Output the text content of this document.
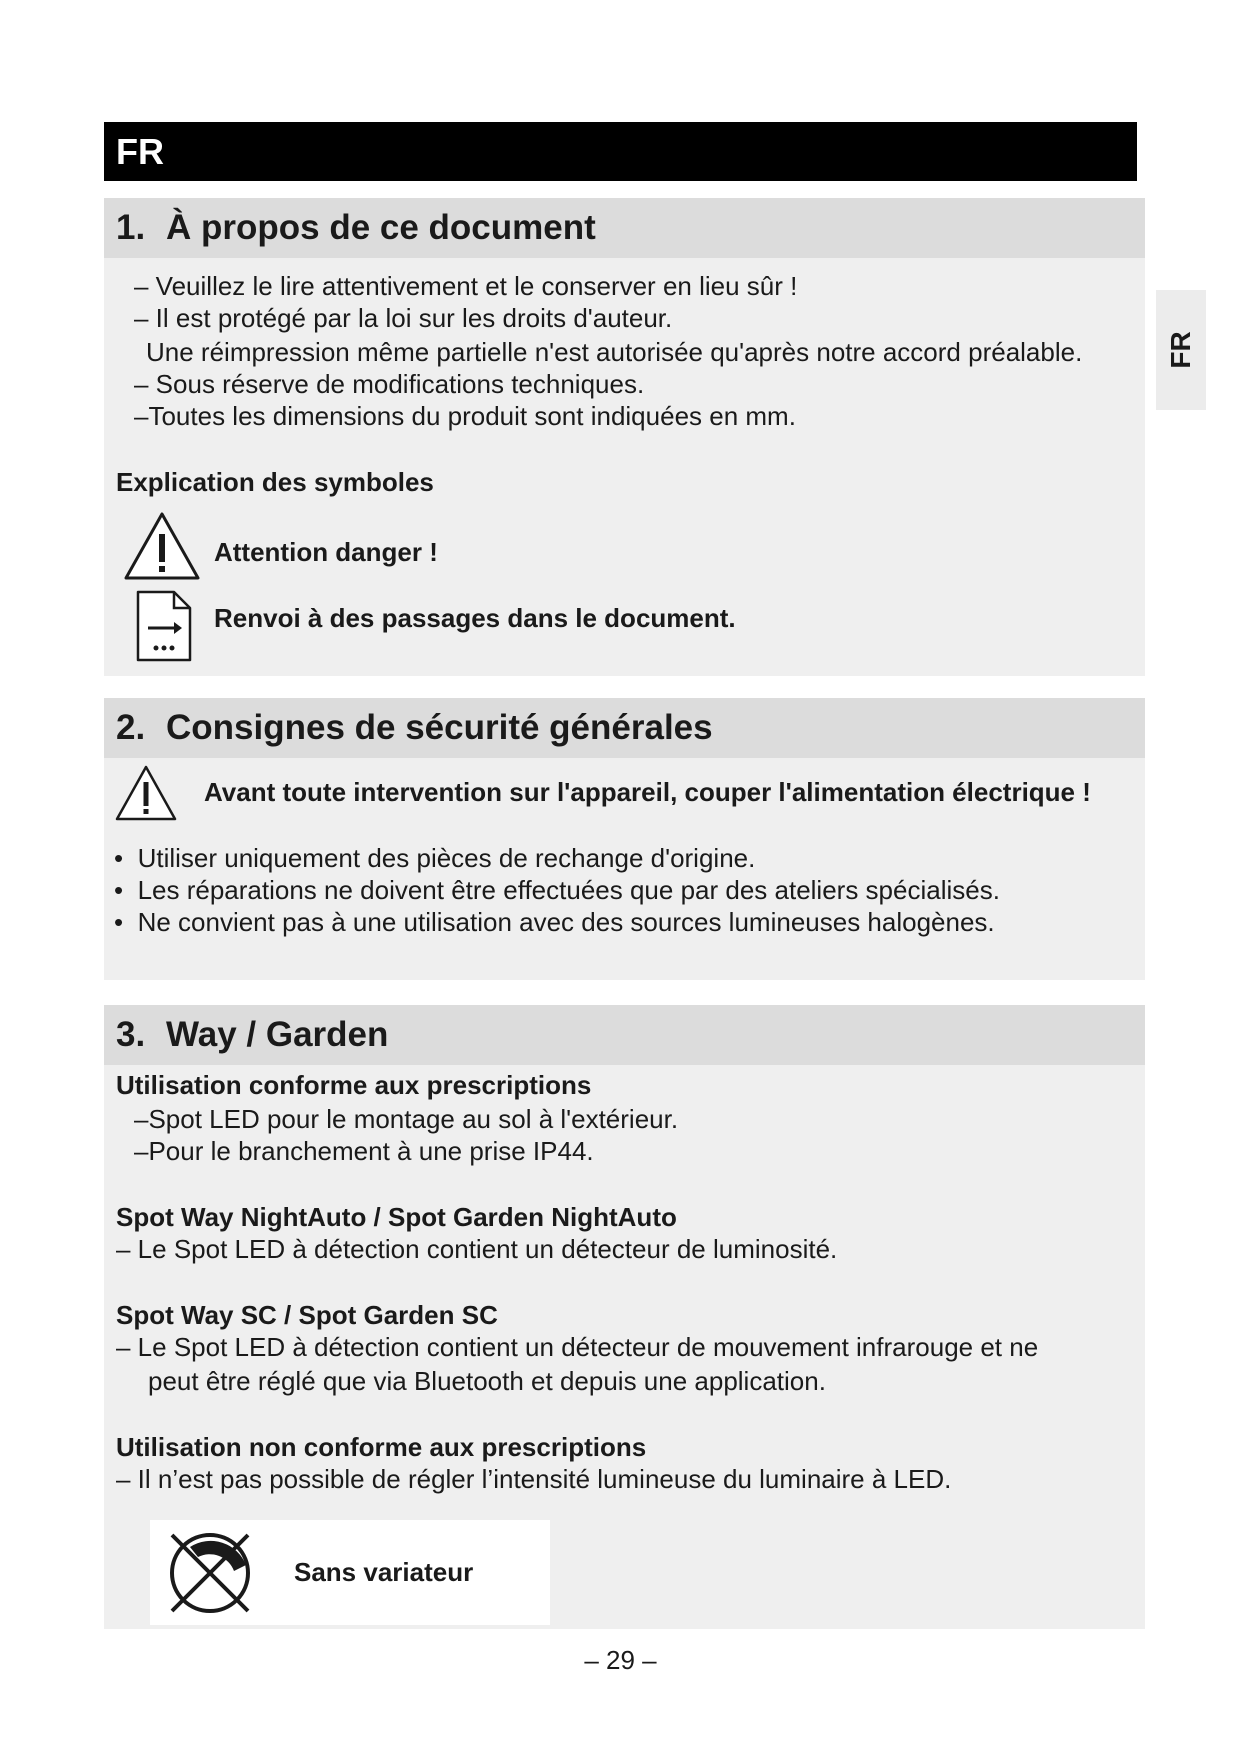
FR
FR
1. À propos de ce document
– Veuillez le lire attentivement et le conserver en lieu sûr !
– Il est protégé par la loi sur les droits d'auteur.
Une réimpression même partielle n'est autorisée qu'après notre accord préalable.
– Sous réserve de modifications techniques.
–Toutes les dimensions du produit sont indiquées en mm.
Explication des symboles
Attention danger !
Renvoi à des passages dans le document.
2. Consignes de sécurité générales
Avant toute intervention sur l'appareil, couper l'alimentation électrique !
•  Utiliser uniquement des pièces de rechange d'origine.
•  Les réparations ne doivent être effectuées que par des ateliers spécialisés.
•  Ne convient pas à une utilisation avec des sources lumineuses halogènes.
3. Way / Garden
Utilisation conforme aux prescriptions
–Spot LED pour le montage au sol à l'extérieur.
–Pour le branchement à une prise IP44.
Spot Way NightAuto / Spot Garden NightAuto
– Le Spot LED à détection contient un détecteur de luminosité.
Spot Way SC / Spot Garden SC
– Le Spot LED à détection contient un détecteur de mouvement infrarouge et ne
peut être réglé que via Bluetooth et depuis une application.
Utilisation non conforme aux prescriptions
– Il n’est pas possible de régler l’intensité lumineuse du luminaire à LED.
Sans variateur
– 29 –
